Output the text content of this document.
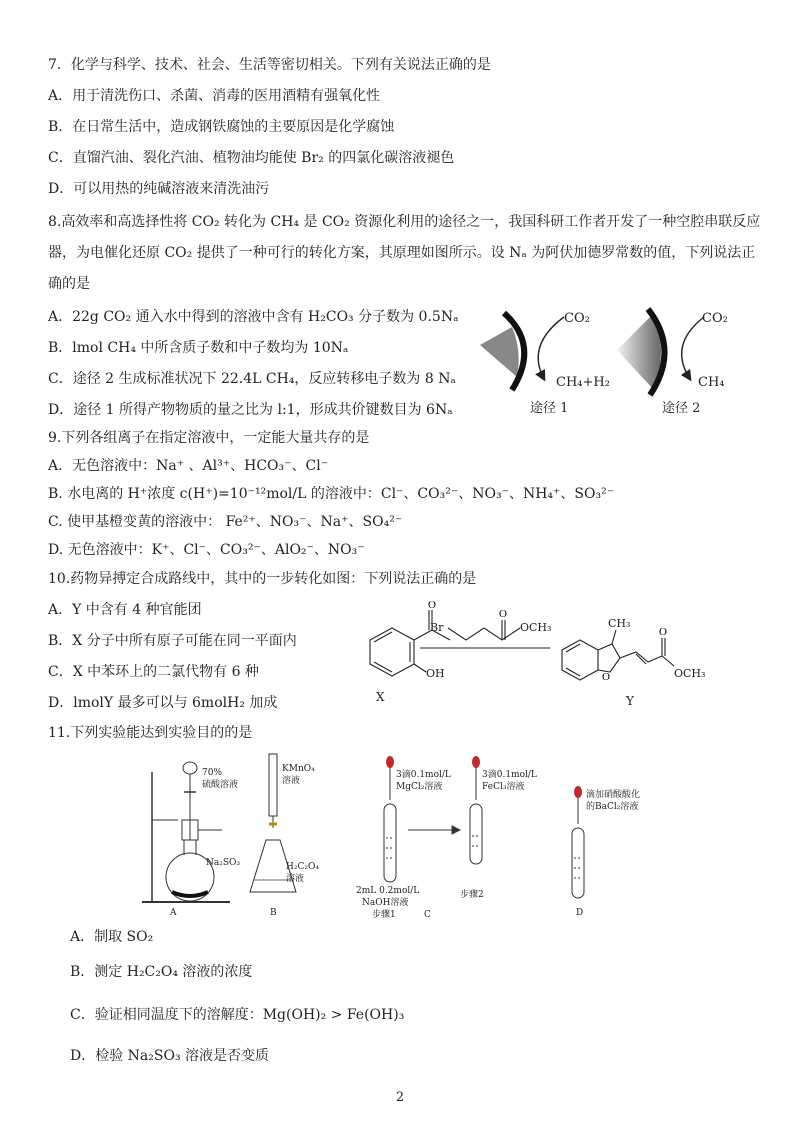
7．化学与科学、技术、社会、生活等密切相关。下列有关说法正确的是
A．用于清洗伤口、杀菌、消毒的医用酒精有强氧化性
B．在日常生活中，造成钢铁腐蚀的主要原因是化学腐蚀
C．直馏汽油、裂化汽油、植物油均能使 Br₂ 的四氯化碳溶液褪色
D．可以用热的纯碱溶液来清洗油污
8.高效率和高选择性将 CO₂ 转化为 CH₄ 是 CO₂ 资源化利用的途径之一，我国科研工作者开发了一种空腔串联反应
器，为电催化还原 CO₂ 提供了一种可行的转化方案，其原理如图所示。设 Nₐ 为阿伏加德罗常数的值，下列说法正
确的是
A．22g CO₂ 通入水中得到的溶液中含有 H₂CO₃ 分子数为 0.5Nₐ
B．lmol CH₄ 中所含质子数和中子数均为 10Nₐ
C．途径 2 生成标准状况下 22.4L CH₄，反应转移电子数为 8 Nₐ
D．途径 1 所得产物物质的量之比为 l:1，形成共价键数目为 6Nₐ
CO₂
CH₄+H₂
途径 1
CO₂
CH₄
途径 2
9.下列各组离子在指定溶液中，一定能大量共存的是
A．无色溶液中：Na⁺ 、Al³⁺、HCO₃⁻、Cl⁻
B. 水电离的 H⁺浓度 c(H⁺)=10⁻¹²mol/L 的溶液中：Cl⁻、CO₃²⁻、NO₃⁻、NH₄⁺、SO₃²⁻
C. 使甲基橙变黄的溶液中： Fe²⁺、NO₃⁻、Na⁺、SO₄²⁻
D. 无色溶液中：K⁺、Cl⁻、CO₃²⁻、AlO₂⁻、NO₃⁻
10.药物异搏定合成路线中，其中的一步转化如图：下列说法正确的是
A．Y 中含有 4 种官能团
B．X 分子中所有原子可能在同一平面内
C．X 中苯环上的二氯代物有 6 种
D．lmolY 最多可以与 6molH₂ 加成
O
O
O
O
OH
X
Br	OCH₃	CH₃
OCH₃
Y
11.下列实验能达到实验目的的是
70%
硫酸溶液
Na₂SO₃
A
KMnO₄
溶液
H₂C₂O₄
溶液
B
3滴0.1mol/L
MgCl₂溶液
2mL 0.2mol/L
NaOH溶液
步骤1
3滴0.1mol/L
FeCl₃溶液
步骤2
C
滴加硝酸酸化
的BaCl₂溶液
D
A．制取 SO₂
B．测定 H₂C₂O₄ 溶液的浓度
C．验证相同温度下的溶解度：Mg(OH)₂ > Fe(OH)₃
D．检验 Na₂SO₃ 溶液是否变质
2
